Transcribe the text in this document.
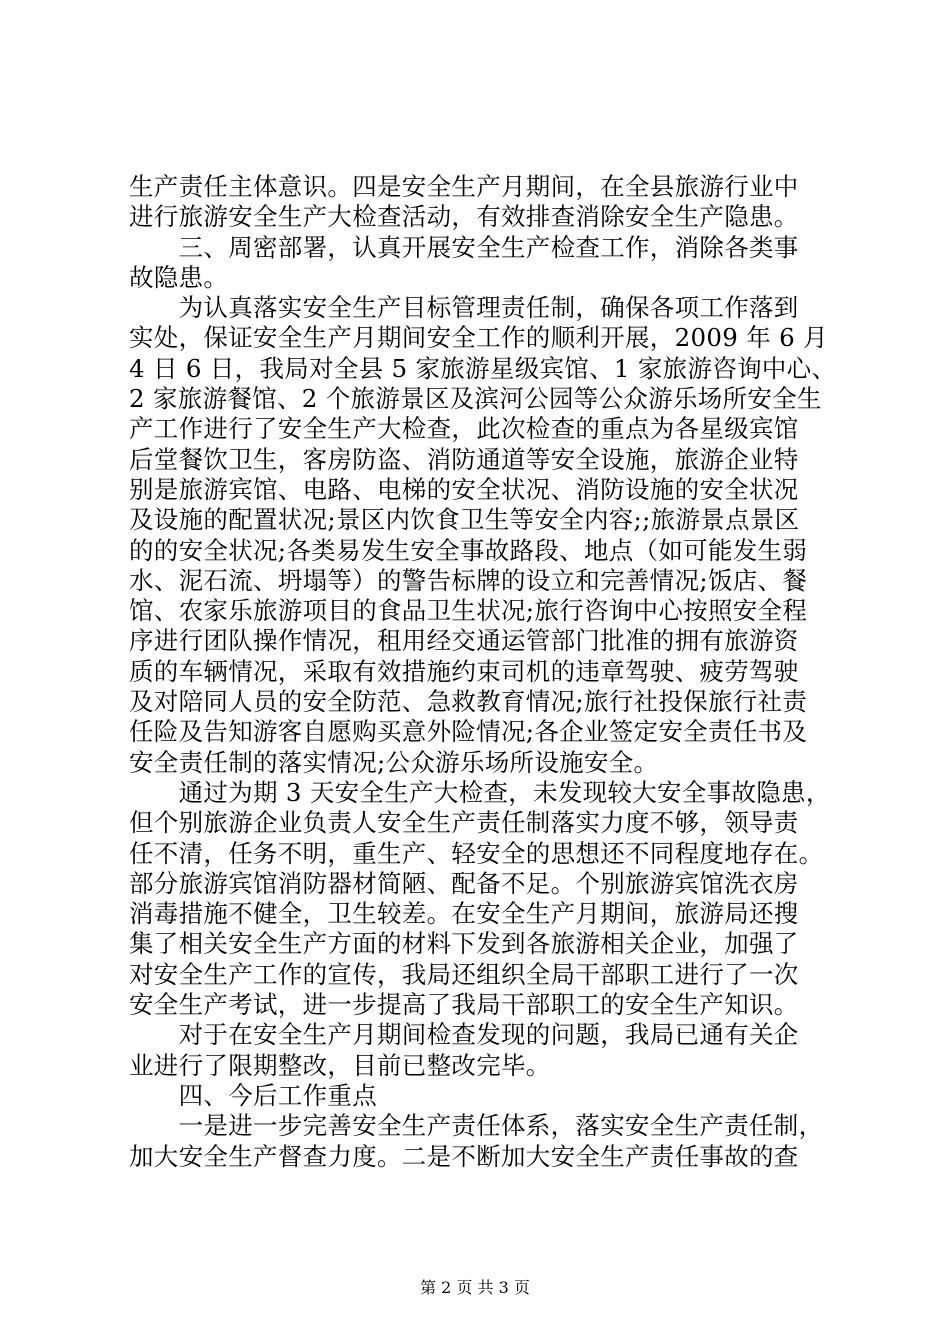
生产责任主体意识。四是安全生产月期间，在全县旅游行业中
进行旅游安全生产大检查活动，有效排查消除安全生产隐患。
　　三、周密部署，认真开展安全生产检查工作，消除各类事
故隐患。
　　为认真落实安全生产目标管理责任制，确保各项工作落到
实处，保证安全生产月期间安全工作的顺利开展，2009 年 6 月
4 日 6 日，我局对全县 5 家旅游星级宾馆、1 家旅游咨询中心、
2 家旅游餐馆、2 个旅游景区及滨河公园等公众游乐场所安全生
产工作进行了安全生产大检查，此次检查的重点为各星级宾馆
后堂餐饮卫生，客房防盗、消防通道等安全设施，旅游企业特
别是旅游宾馆、电路、电梯的安全状况、消防设施的安全状况
及设施的配置状况;景区内饮食卫生等安全内容;;旅游景点景区
的的安全状况;各类易发生安全事故路段、地点（如可能发生弱
水、泥石流、坍塌等）的警告标牌的设立和完善情况;饭店、餐
馆、农家乐旅游项目的食品卫生状况;旅行咨询中心按照安全程
序进行团队操作情况，租用经交通运管部门批准的拥有旅游资
质的车辆情况，采取有效措施约束司机的违章驾驶、疲劳驾驶
及对陪同人员的安全防范、急救教育情况;旅行社投保旅行社责
任险及告知游客自愿购买意外险情况;各企业签定安全责任书及
安全责任制的落实情况;公众游乐场所设施安全。
　　通过为期 3 天安全生产大检查，未发现较大安全事故隐患，
但个别旅游企业负责人安全生产责任制落实力度不够，领导责
任不清，任务不明，重生产、轻安全的思想还不同程度地存在。
部分旅游宾馆消防器材简陋、配备不足。个别旅游宾馆洗衣房
消毒措施不健全，卫生较差。在安全生产月期间，旅游局还搜
集了相关安全生产方面的材料下发到各旅游相关企业，加强了
对安全生产工作的宣传，我局还组织全局干部职工进行了一次
安全生产考试，进一步提高了我局干部职工的安全生产知识。
　　对于在安全生产月期间检查发现的问题，我局已通有关企
业进行了限期整改，目前已整改完毕。
　　四、今后工作重点
　　一是进一步完善安全生产责任体系，落实安全生产责任制，
加大安全生产督查力度。二是不断加大安全生产责任事故的查
第 2 页 共 3 页
